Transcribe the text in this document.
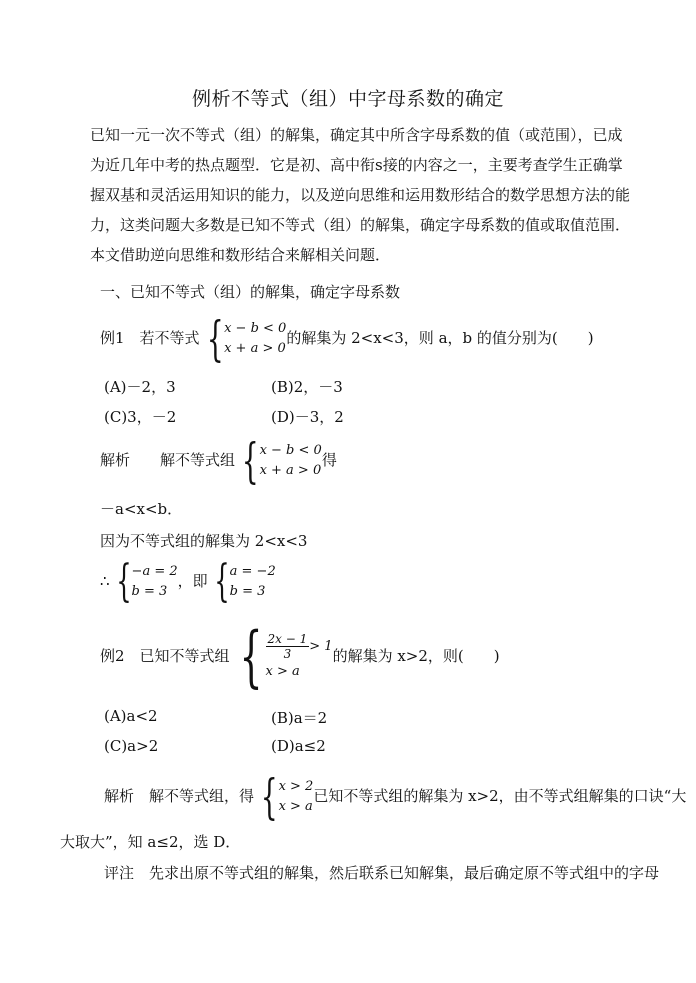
例析不等式（组）中字母系数的确定
已知一元一次不等式（组）的解集，确定其中所含字母系数的值（或范围），已成为近几年中考的热点题型．它是初、高中衔s接的内容之一，主要考查学生正确掌握双基和灵活运用知识的能力，以及逆向思维和运用数形结合的数学思想方法的能力，这类问题大多数是已知不等式（组）的解集，确定字母系数的值或取值范围．本文借助逆向思维和数形结合来解相关问题．
一、已知不等式（组）的解集，确定字母系数
例1　若不等式 { x − b < 0
x + a > 0
的解集为 2<x<3，则 a，b 的值分别为(　　)
(A)－2，3	(B)2，－3
(C)3，－2	(D)－3，2
解析　　解不等式组 { x − b < 0
x + a > 0
得
－a<x<b．
因为不等式组的解集为 2<x<3
∴ { −a = 2
b = 3
，即 { a = −2
b = 3
例2　已知不等式组 { $\frac{2x - 1}{3} > 1$
x > a
的解集为 x>2，则(　　)
(A)a<2	(B)a＝2
(C)a>2	(D)a≤2
解析　解不等式组，得 { x > 2
x > a
已知不等式组的解集为 x>2，由不等式组解集的口诀“大
大取大”，知 a≤2，选 D．
评注　先求出原不等式组的解集，然后联系已知解集，最后确定原不等式组中的字母
